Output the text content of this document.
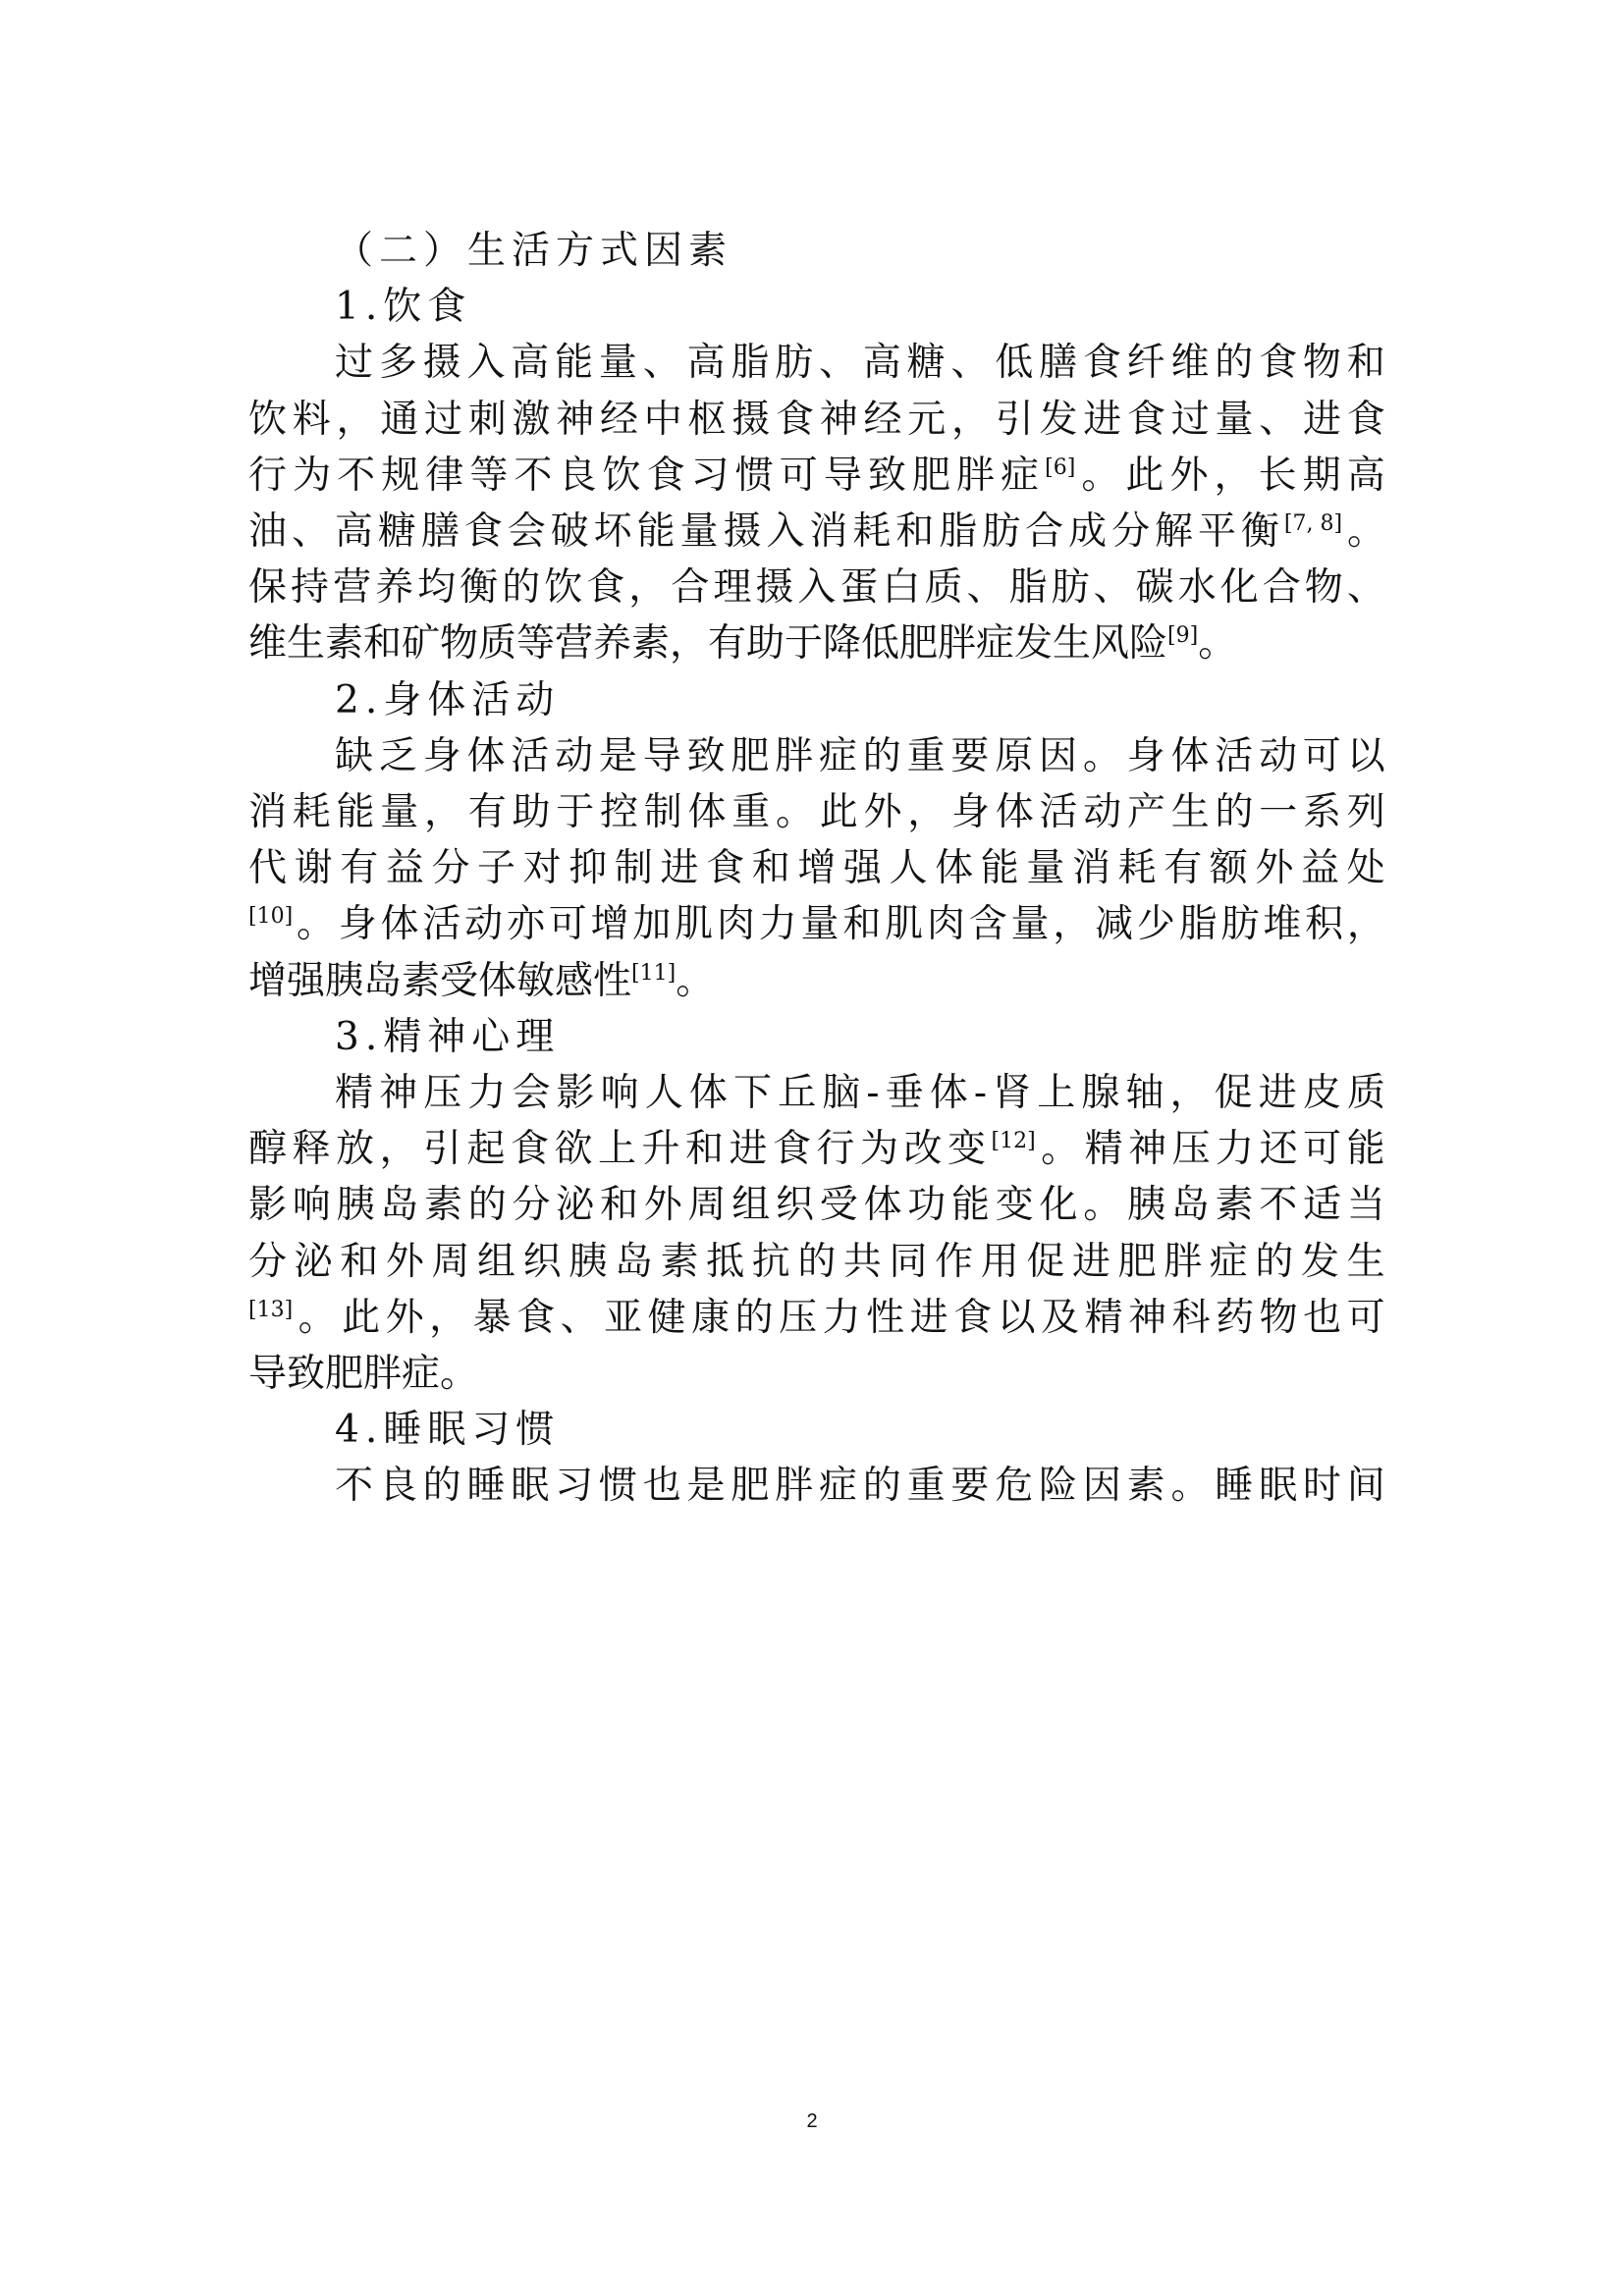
（二）生活方式因素
1.饮食
过 多 摄 入 高 能 量 、 高 脂 肪 、 高 糖 、 低 膳 食 纤 维 的 食 物 和
饮 料 ， 通 过 刺 激 神 经 中 枢 摄 食 神 经 元 ， 引 发 进 食 过 量 、 进 食
行 为 不 规 律 等 不 良 饮 食 习 惯 可 导 致 肥 胖 症 [6] 。 此 外 ， 长 期 高
油 、 高 糖 膳 食 会 破 坏 能 量 摄 入 消 耗 和 脂 肪 合 成 分 解 平 衡 [7, 8] 。
保 持 营 养 均 衡 的 饮 食 ， 合 理 摄 入 蛋 白 质 、 脂 肪 、 碳 水 化 合 物 、
维生素和矿物质等营养素，有助于降低肥胖症发生风险[9]。
2.身体活动
缺 乏 身 体 活 动 是 导 致 肥 胖 症 的 重 要 原 因 。 身 体 活 动 可 以
消 耗 能 量 ， 有 助 于 控 制 体 重 。 此 外 ， 身 体 活 动 产 生 的 一 系 列
代 谢 有 益 分 子 对 抑 制 进 食 和 增 强 人 体 能 量 消 耗 有 额 外 益 处
[10] 。 身 体 活 动 亦 可 增 加 肌 肉 力 量 和 肌 肉 含 量 ， 减 少 脂 肪 堆 积 ，
增强胰岛素受体敏感性[11]。
3.精神心理
精 神 压 力 会 影 响 人 体 下 丘 脑 - 垂 体 - 肾 上 腺 轴 ， 促 进 皮 质
醇 释 放 ， 引 起 食 欲 上 升 和 进 食 行 为 改 变 [12] 。 精 神 压 力 还 可 能
影 响 胰 岛 素 的 分 泌 和 外 周 组 织 受 体 功 能 变 化 。 胰 岛 素 不 适 当
分 泌 和 外 周 组 织 胰 岛 素 抵 抗 的 共 同 作 用 促 进 肥 胖 症 的 发 生
[13] 。 此 外 ， 暴 食 、 亚 健 康 的 压 力 性 进 食 以 及 精 神 科 药 物 也 可
导致肥胖症。
4.睡眠习惯
不 良 的 睡 眠 习 惯 也 是 肥 胖 症 的 重 要 危 险 因 素 。 睡 眠 时 间
2
